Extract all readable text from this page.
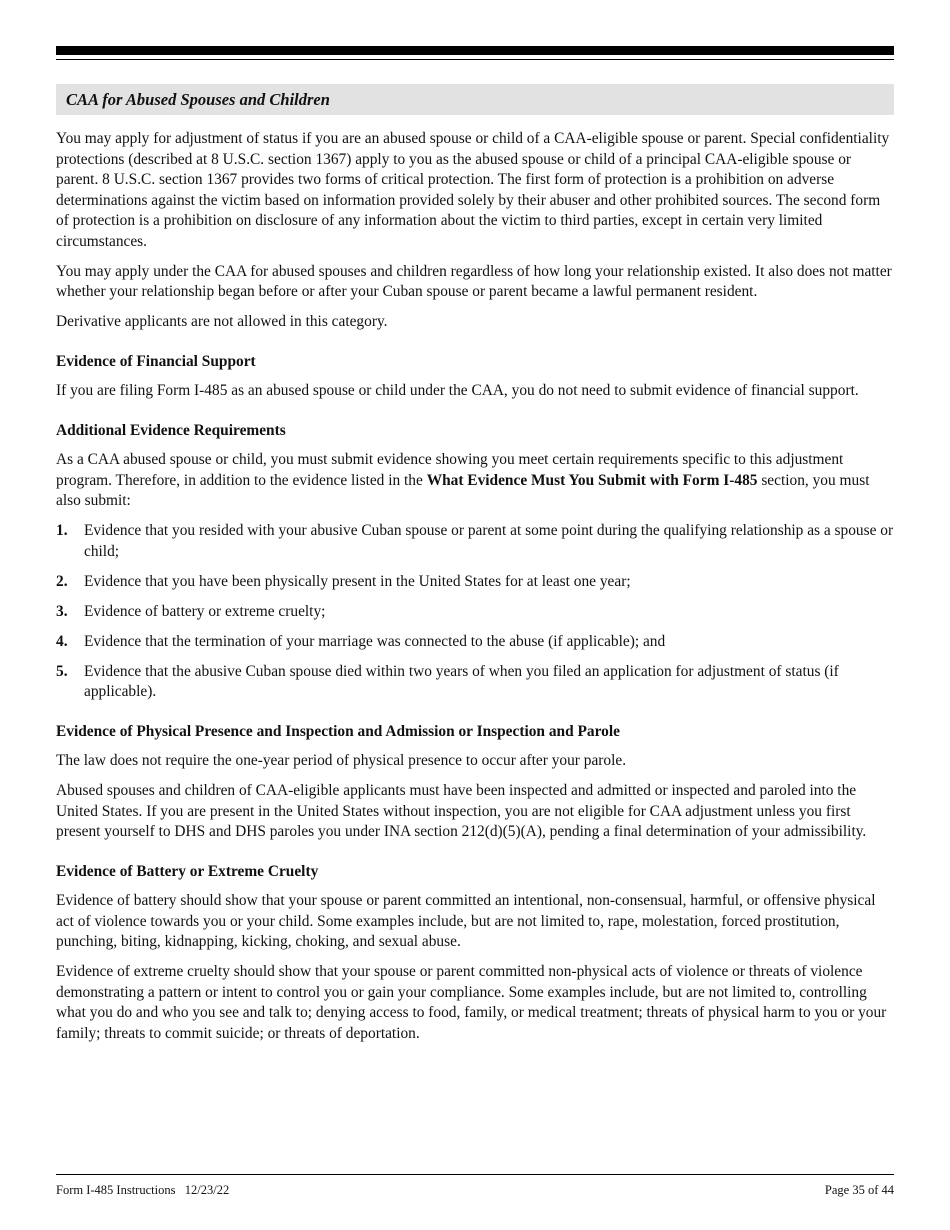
CAA for Abused Spouses and Children

You may apply for adjustment of status if you are an abused spouse or child of a CAA-eligible spouse or parent. Special confidentiality protections (described at 8 U.S.C. section 1367) apply to you as the abused spouse or child of a principal CAA-eligible spouse or parent. 8 U.S.C. section 1367 provides two forms of critical protection. The first form of protection is a prohibition on adverse determinations against the victim based on information provided solely by their abuser and other prohibited sources. The second form of protection is a prohibition on disclosure of any information about the victim to third parties, except in certain very limited circumstances.

You may apply under the CAA for abused spouses and children regardless of how long your relationship existed. It also does not matter whether your relationship began before or after your Cuban spouse or parent became a lawful permanent resident.

Derivative applicants are not allowed in this category.

Evidence of Financial Support

If you are filing Form I-485 as an abused spouse or child under the CAA, you do not need to submit evidence of financial support.

Additional Evidence Requirements

As a CAA abused spouse or child, you must submit evidence showing you meet certain requirements specific to this adjustment program. Therefore, in addition to the evidence listed in the What Evidence Must You Submit with Form I-485 section, you must also submit:

1.	Evidence that you resided with your abusive Cuban spouse or parent at some point during the qualifying relationship as a spouse or child;
2.	Evidence that you have been physically present in the United States for at least one year;
3.	Evidence of battery or extreme cruelty;
4.	Evidence that the termination of your marriage was connected to the abuse (if applicable); and
5.	Evidence that the abusive Cuban spouse died within two years of when you filed an application for adjustment of status (if applicable).
Evidence of Physical Presence and Inspection and Admission or Inspection and Parole

The law does not require the one-year period of physical presence to occur after your parole.

Abused spouses and children of CAA-eligible applicants must have been inspected and admitted or inspected and paroled into the United States. If you are present in the United States without inspection, you are not eligible for CAA adjustment unless you first present yourself to DHS and DHS paroles you under INA section 212(d)(5)(A), pending a final determination of your admissibility.

Evidence of Battery or Extreme Cruelty

Evidence of battery should show that your spouse or parent committed an intentional, non-consensual, harmful, or offensive physical act of violence towards you or your child. Some examples include, but are not limited to, rape, molestation, forced prostitution, punching, biting, kidnapping, kicking, choking, and sexual abuse.

Evidence of extreme cruelty should show that your spouse or parent committed non-physical acts of violence or threats of violence demonstrating a pattern or intent to control you or gain your compliance. Some examples include, but are not limited to, controlling what you do and who you see and talk to; denying access to food, family, or medical treatment; threats of physical harm to you or your family; threats to commit suicide; or threats of deportation.

Form I-485 Instructions   12/23/22	Page 35 of 44
